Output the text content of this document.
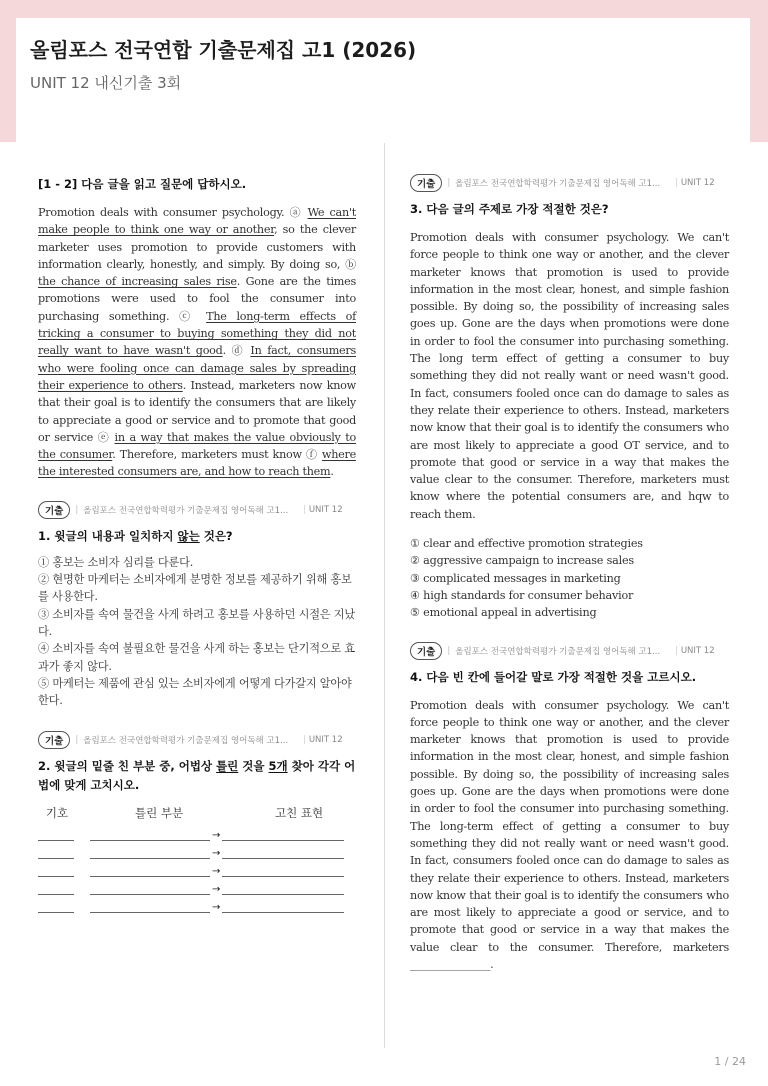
올림포스 전국연합 기출문제집 고1 (2026)
UNIT 12 내신기출 3회
[1 - 2] 다음 글을 읽고 질문에 답하시오.
Promotion deals with consumer psychology. ⓐ We can't make people to think one way or another, so the clever marketer uses promotion to provide customers with information clearly, honestly, and simply. By doing so, ⓑ the chance of increasing sales rise. Gone are the times promotions were used to fool the consumer into purchasing something. ⓒ The long-term effects of tricking a consumer to buying something they did not really want to have wasn't good. ⓓ In fact, consumers who were fooling once can damage sales by spreading their experience to others. Instead, marketers now know that their goal is to identify the consumers that are likely to appreciate a good or service and to promote that good or service ⓔ in a way that makes the value obviously to the consumer. Therefore, marketers must know ⓕ where the interested consumers are, and how to reach them.
기출	| 올림포스 전국연합학력평가 기출문제집 영어독해 고1...	| UNIT 12
1. 윗글의 내용과 일치하지 않는 것은?
① 홍보는 소비자 심리를 다룬다.
② 현명한 마케터는 소비자에게 분명한 정보를 제공하기 위해 홍보를 사용한다.
③ 소비자를 속여 물건을 사게 하려고 홍보를 사용하던 시절은 지났다.
④ 소비자를 속여 불필요한 물건을 사게 하는 홍보는 단기적으로 효과가 좋지 않다.
⑤ 마케터는 제품에 관심 있는 소비자에게 어떻게 다가갈지 알아야 한다.
기출	| 올림포스 전국연합학력평가 기출문제집 영어독해 고1...	| UNIT 12
2. 윗글의 밑줄 친 부분 중, 어법상 틀린 것을 5개 찾아 각각 어법에 맞게 고치시오.
기호	틀린 부분	고친 표현
→
→
→
→
→
기출	| 올림포스 전국연합학력평가 기출문제집 영어독해 고1...	| UNIT 12
3. 다음 글의 주제로 가장 적절한 것은?
Promotion deals with consumer psychology. We can't force people to think one way or another, and the clever marketer knows that promotion is used to provide information in the most clear, honest, and simple fashion possible. By doing so, the possibility of increasing sales goes up. Gone are the days when promotions were done in order to fool the consumer into purchasing something. The long term effect of getting a consumer to buy something they did not really want or need wasn't good. In fact, consumers fooled once can do damage to sales as they relate their experience to others. Instead, marketers now know that their goal is to identify the consumers who are most likely to appreciate a good OT service, and to promote that good or service in a way that makes the value clear to the consumer. Therefore, marketers must know where the potential consumers are, and hqw to reach them.
① clear and effective promotion strategies
② aggressive campaign to increase sales
③ complicated messages in marketing
④ high standards for consumer behavior
⑤ emotional appeal in advertising
기출	| 올림포스 전국연합학력평가 기출문제집 영어독해 고1...	| UNIT 12
4. 다음 빈 칸에 들어갈 말로 가장 적절한 것을 고르시오.
Promotion deals with consumer psychology. We can't force people to think one way or another, and the clever marketer knows that promotion is used to provide information in the most clear, honest, and simple fashion possible. By doing so, the possibility of increasing sales goes up. Gone are the days when promotions were done in order to fool the consumer into purchasing something. The long-term effect of getting a consumer to buy something they did not really want or need wasn't good. In fact, consumers fooled once can do damage to sales as they relate their experience to others. Instead, marketers now know that their goal is to identify the consumers who are most likely to appreciate a good or service, and to promote that good or service in a way that makes the value clear to the consumer. Therefore, marketers _______________.
1 / 24
